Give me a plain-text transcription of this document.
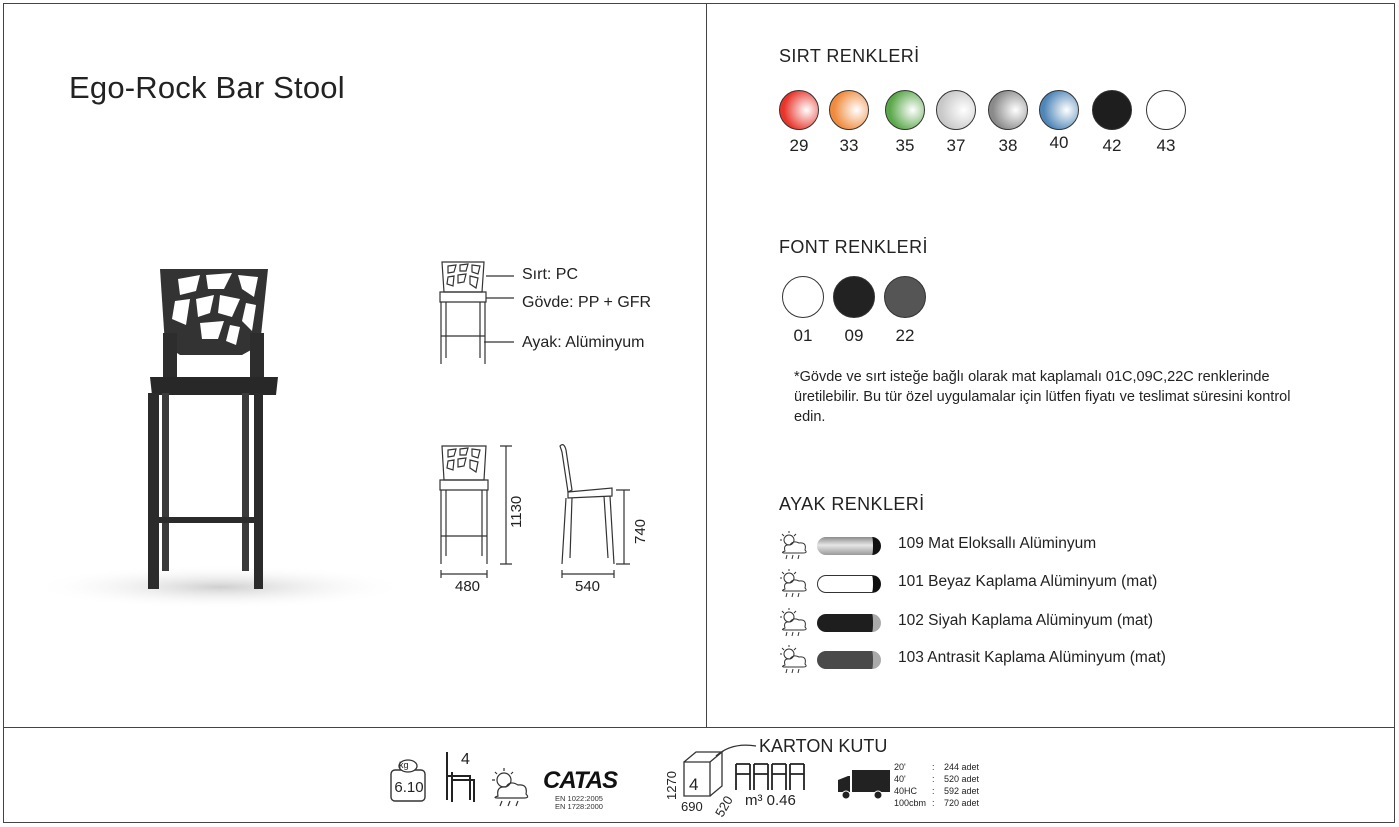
Ego-Rock Bar Stool
Sırt: PC
Gövde: PP + GFR
Ayak: Alüminyum
1130
480
740
540
SIRT RENKLERİ
29	33	35	37	38	40	42	43
FONT RENKLERİ
01	09	22
*Gövde ve sırt isteğe bağlı olarak mat kaplamalı 01C,09C,22C renklerinde üretilebilir. Bu tür özel uygulamalar için lütfen fiyatı ve teslimat süresini kontrol edin.
AYAK RENKLERİ
109 Mat Eloksallı Alüminyum
101 Beyaz Kaplama Alüminyum (mat)
102 Siyah Kaplama Alüminyum (mat)
103 Antrasit Kaplama Alüminyum (mat)
kg
6.10
4
CATAS
EN 1022:2005
EN 1728:2000
KARTON KUTU
4
1270
690 520 m³ 0.46
20'	: 244 adet
40'	: 520 adet
40HC : 592 adet
100cbm : 720 adet
